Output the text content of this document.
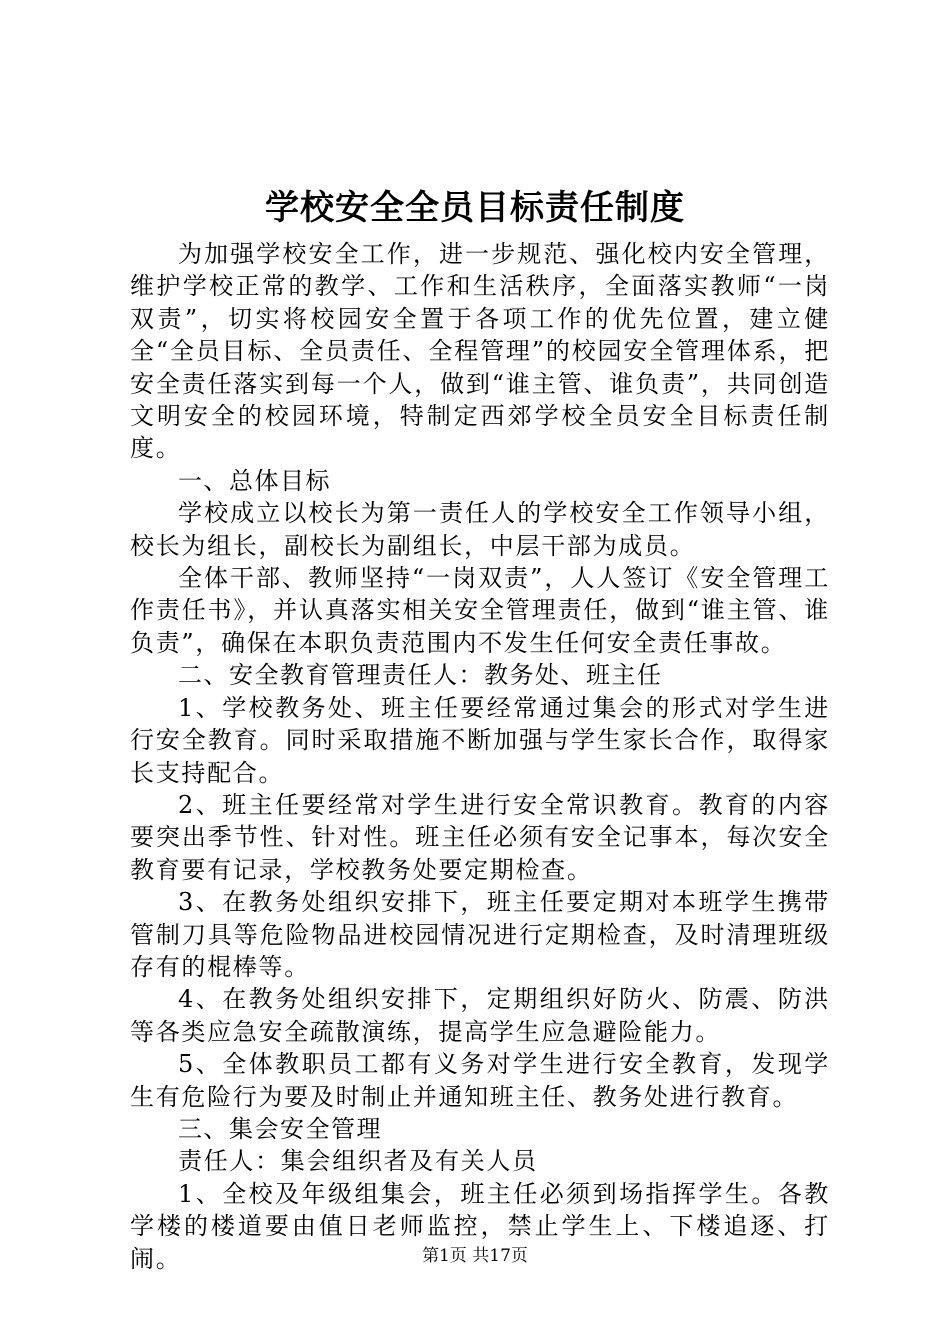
学校安全全员目标责任制度

为加强学校安全工作，进一步规范、强化校内安全管理，维护学校正常的教学、工作和生活秩序，全面落实教师“一岗双责”，切实将校园安全置于各项工作的优先位置，建立健全“全员目标、全员责任、全程管理”的校园安全管理体系，把安全责任落实到每一个人，做到“谁主管、谁负责”，共同创造文明安全的校园环境，特制定西郊学校全员安全目标责任制度。

一、总体目标

学校成立以校长为第一责任人的学校安全工作领导小组，校长为组长，副校长为副组长，中层干部为成员。

全体干部、教师坚持“一岗双责”，人人签订《安全管理工作责任书》，并认真落实相关安全管理责任，做到“谁主管、谁负责”，确保在本职负责范围内不发生任何安全责任事故。

二、安全教育管理责任人：教务处、班主任

1、学校教务处、班主任要经常通过集会的形式对学生进行安全教育。同时采取措施不断加强与学生家长合作，取得家长支持配合。

2、班主任要经常对学生进行安全常识教育。教育的内容要突出季节性、针对性。班主任必须有安全记事本，每次安全教育要有记录，学校教务处要定期检查。

3、在教务处组织安排下，班主任要定期对本班学生携带管制刀具等危险物品进校园情况进行定期检查，及时清理班级存有的棍棒等。

4、在教务处组织安排下，定期组织好防火、防震、防洪等各类应急安全疏散演练，提高学生应急避险能力。

5、全体教职员工都有义务对学生进行安全教育，发现学生有危险行为要及时制止并通知班主任、教务处进行教育。

三、集会安全管理

责任人：集会组织者及有关人员

1、全校及年级组集会，班主任必须到场指挥学生。各教学楼的楼道要由值日老师监控，禁止学生上、下楼追逐、打闹。	第1页 共17页
